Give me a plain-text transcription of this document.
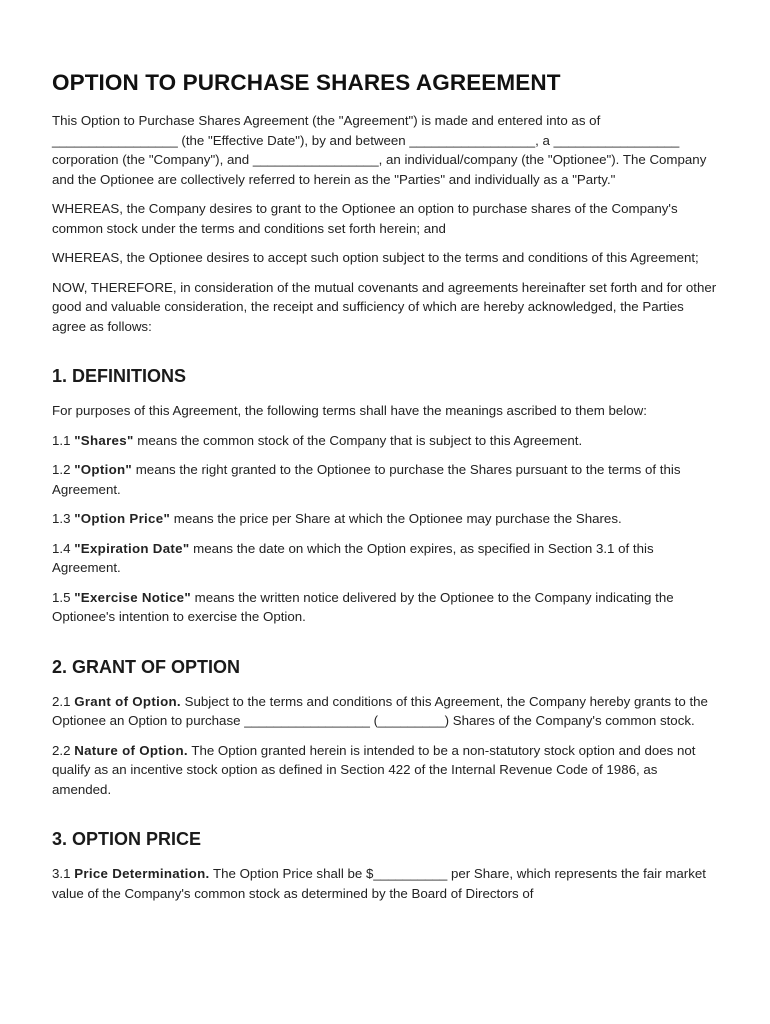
OPTION TO PURCHASE SHARES AGREEMENT

This Option to Purchase Shares Agreement (the "Agreement") is made and entered into as of _________________ (the "Effective Date"), by and between _________________, a _________________ corporation (the "Company"), and _________________, an individual/company (the "Optionee"). The Company and the Optionee are collectively referred to herein as the "Parties" and individually as a "Party."

WHEREAS, the Company desires to grant to the Optionee an option to purchase shares of the Company's common stock under the terms and conditions set forth herein; and

WHEREAS, the Optionee desires to accept such option subject to the terms and conditions of this Agreement;

NOW, THEREFORE, in consideration of the mutual covenants and agreements hereinafter set forth and for other good and valuable consideration, the receipt and sufficiency of which are hereby acknowledged, the Parties agree as follows:

1. DEFINITIONS

For purposes of this Agreement, the following terms shall have the meanings ascribed to them below:

1.1 "Shares" means the common stock of the Company that is subject to this Agreement.

1.2 "Option" means the right granted to the Optionee to purchase the Shares pursuant to the terms of this Agreement.

1.3 "Option Price" means the price per Share at which the Optionee may purchase the Shares.

1.4 "Expiration Date" means the date on which the Option expires, as specified in Section 3.1 of this Agreement.

1.5 "Exercise Notice" means the written notice delivered by the Optionee to the Company indicating the Optionee's intention to exercise the Option.

2. GRANT OF OPTION

2.1 Grant of Option. Subject to the terms and conditions of this Agreement, the Company hereby grants to the Optionee an Option to purchase _________________ (_________) Shares of the Company's common stock.

2.2 Nature of Option. The Option granted herein is intended to be a non-statutory stock option and does not qualify as an incentive stock option as defined in Section 422 of the Internal Revenue Code of 1986, as amended.

3. OPTION PRICE

3.1 Price Determination. The Option Price shall be $__________ per Share, which represents the fair market value of the Company's common stock as determined by the Board of Directors of
